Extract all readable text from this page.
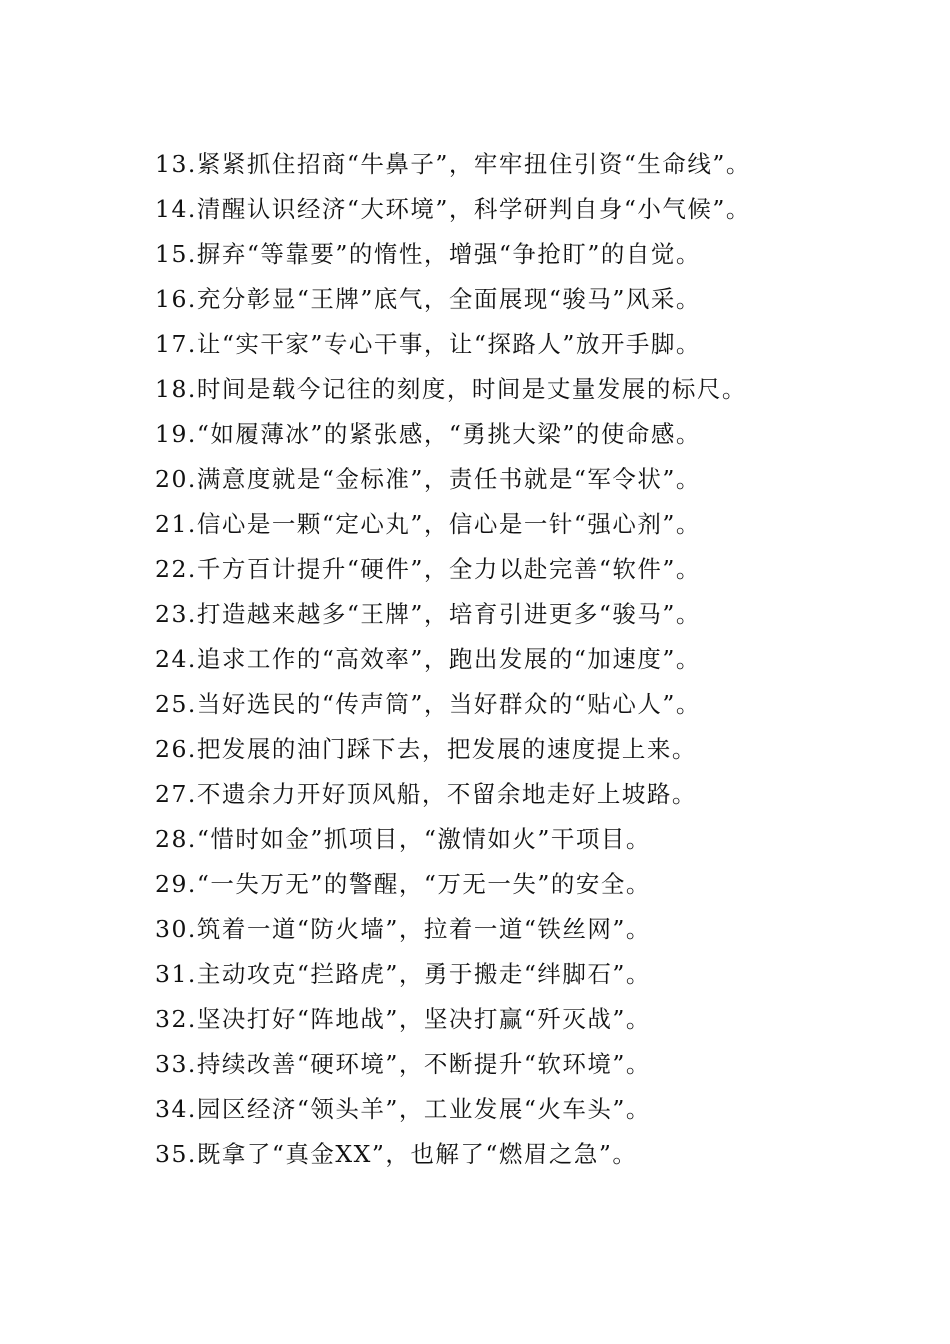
13.紧紧抓住招商“牛鼻子”，牢牢扭住引资“生命线”。
14.清醒认识经济“大环境”，科学研判自身“小气候”。
15.摒弃“等靠要”的惰性，增强“争抢盯”的自觉。
16.充分彰显“王牌”底气，全面展现“骏马”风采。
17.让“实干家”专心干事，让“探路人”放开手脚。
18.时间是载今记往的刻度，时间是丈量发展的标尺。
19.“如履薄冰”的紧张感，“勇挑大梁”的使命感。
20.满意度就是“金标准”，责任书就是“军令状”。
21.信心是一颗“定心丸”，信心是一针“强心剂”。
22.千方百计提升“硬件”，全力以赴完善“软件”。
23.打造越来越多“王牌”，培育引进更多“骏马”。
24.追求工作的“高效率”，跑出发展的“加速度”。
25.当好选民的“传声筒”，当好群众的“贴心人”。
26.把发展的油门踩下去，把发展的速度提上来。
27.不遗余力开好顶风船，不留余地走好上坡路。
28.“惜时如金”抓项目，“激情如火”干项目。
29.“一失万无”的警醒，“万无一失”的安全。
30.筑着一道“防火墙”，拉着一道“铁丝网”。
31.主动攻克“拦路虎”，勇于搬走“绊脚石”。
32.坚决打好“阵地战”，坚决打赢“歼灭战”。
33.持续改善“硬环境”，不断提升“软环境”。
34.园区经济“领头羊”，工业发展“火车头”。
35.既拿了“真金XX”，也解了“燃眉之急”。
